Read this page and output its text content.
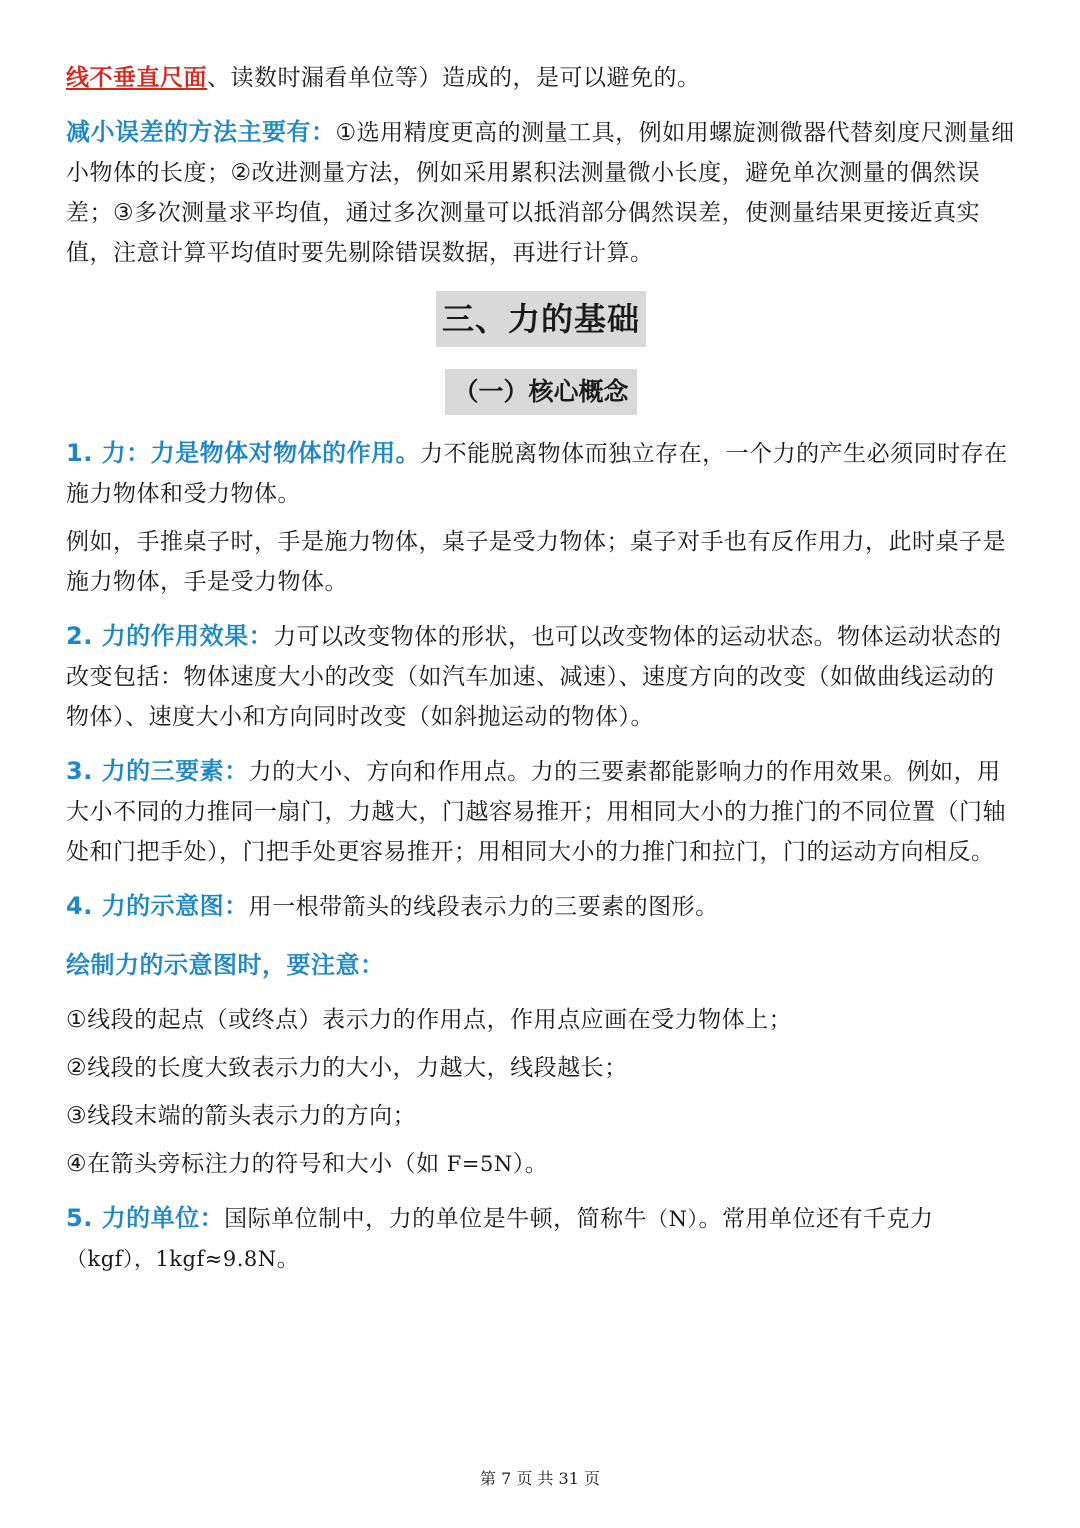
线不垂直尺面、读数时漏看单位等）造成的，是可以避免的。

减小误差的方法主要有：①选用精度更高的测量工具，例如用螺旋测微器代替刻度尺测量细小物体的长度；②改进测量方法，例如采用累积法测量微小长度，避免单次测量的偶然误差；③多次测量求平均值，通过多次测量可以抵消部分偶然误差，使测量结果更接近真实值，注意计算平均值时要先剔除错误数据，再进行计算。

三、力的基础
（一）核心概念

1. 力：力是物体对物体的作用。力不能脱离物体而独立存在，一个力的产生必须同时存在施力物体和受力物体。

例如，手推桌子时，手是施力物体，桌子是受力物体；桌子对手也有反作用力，此时桌子是施力物体，手是受力物体。

2. 力的作用效果：力可以改变物体的形状，也可以改变物体的运动状态。物体运动状态的改变包括：物体速度大小的改变（如汽车加速、减速）、速度方向的改变（如做曲线运动的物体）、速度大小和方向同时改变（如斜抛运动的物体）。

3. 力的三要素：力的大小、方向和作用点。力的三要素都能影响力的作用效果。例如，用大小不同的力推同一扇门，力越大，门越容易推开；用相同大小的力推门的不同位置（门轴处和门把手处），门把手处更容易推开；用相同大小的力推门和拉门，门的运动方向相反。

4. 力的示意图：用一根带箭头的线段表示力的三要素的图形。

绘制力的示意图时，要注意：

①线段的起点（或终点）表示力的作用点，作用点应画在受力物体上；

②线段的长度大致表示力的大小，力越大，线段越长；

③线段末端的箭头表示力的方向；

④在箭头旁标注力的符号和大小（如 F=5N）。

5. 力的单位：国际单位制中，力的单位是牛顿，简称牛（N）。常用单位还有千克力（kgf），1kgf≈9.8N。

第 7 页 共 31 页
